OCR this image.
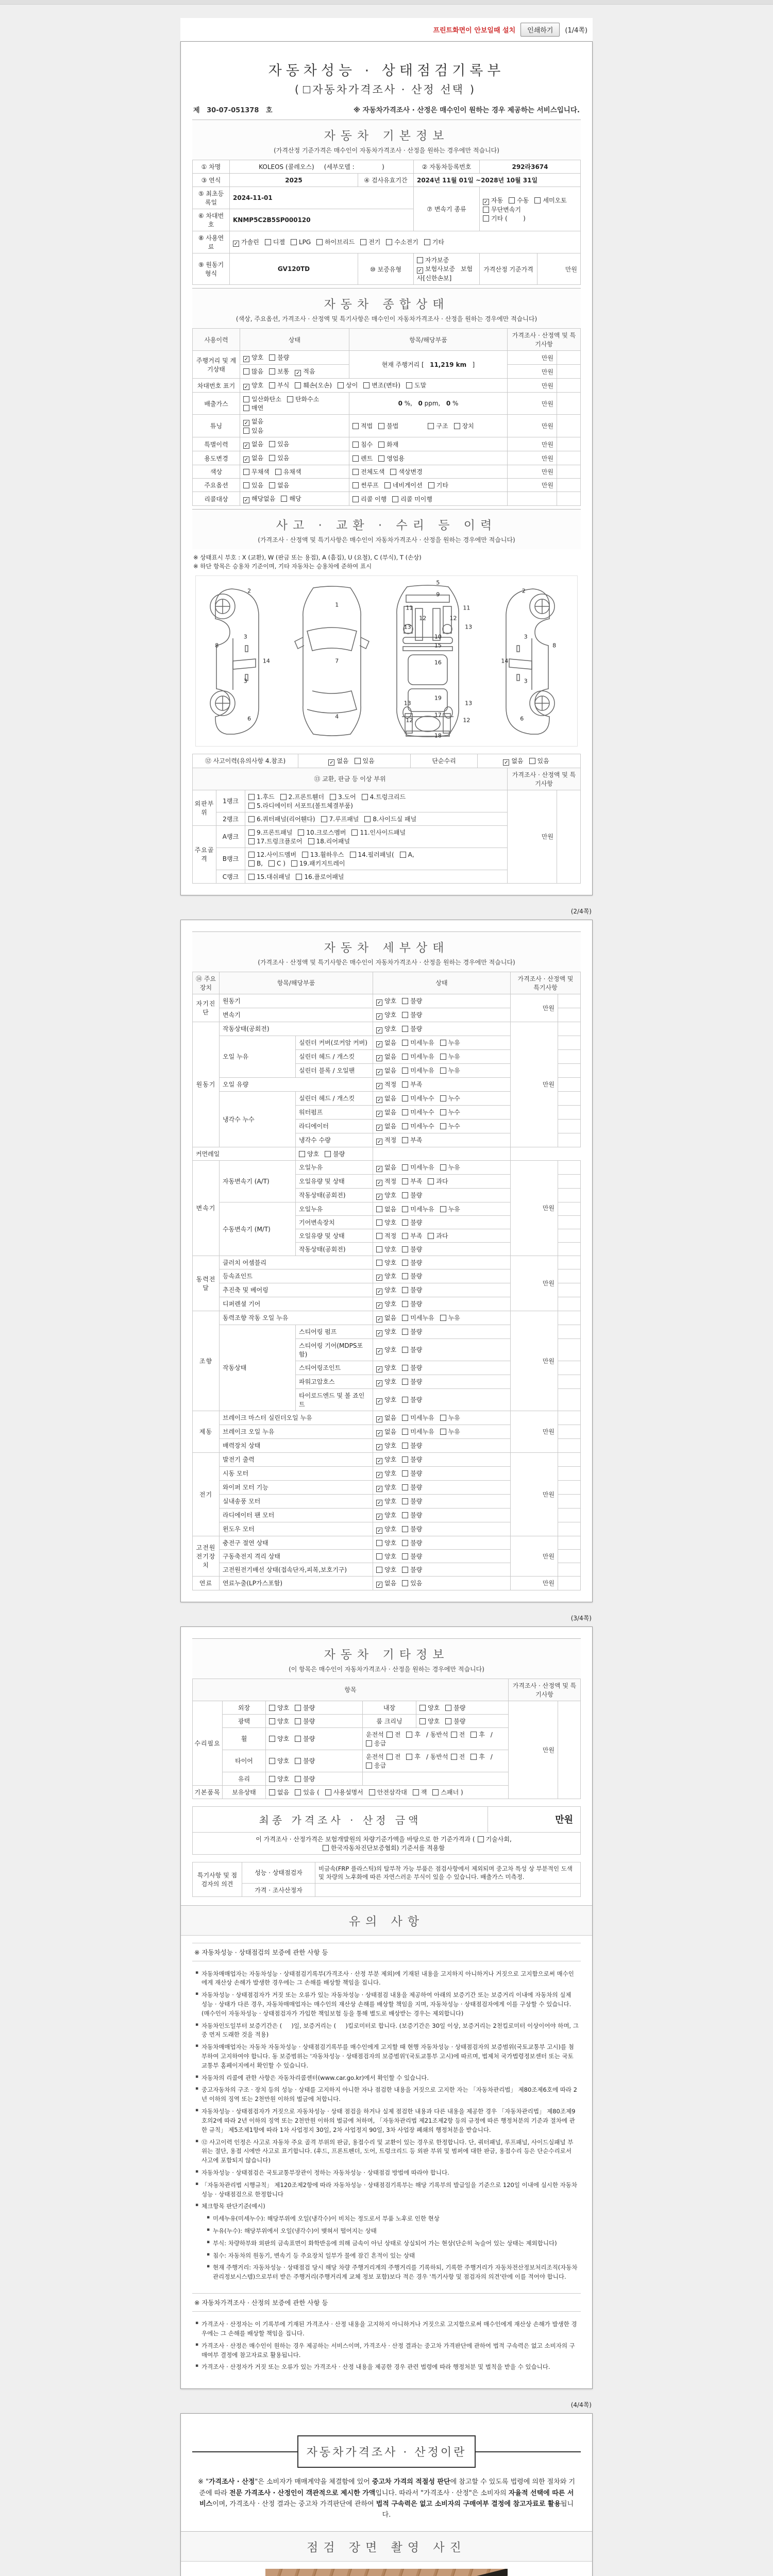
프린트화면이 안보일때 설치	인쇄하기	(1/4쪽)
자동차성능 · 상태점검기록부
( 자동차가격조사 · 산정 선택 )
제   30-07-051378   호	※ 자동차가격조사 · 산정은 매수인이 원하는 경우 제공하는 서비스입니다.
자동차 기본정보
(가격산정 기준가격은 매수인이 자동차가격조사 · 산정을 원하는 경우에만 적습니다)
① 차명	KOLEOS (콜레오스)     (세부모델 :              )		② 자동차등록번호	292라3674	
③ 연식	2025	④ 검사유효기간	2024년 11월 01일 ~2028년 10월 31일		
⑤ 최초등록일	2024-11-01		⑦ 변속기 종류	✓ 자동 수동 세미오토무단변속기
기타 (        )	
⑥ 차대번호	KNMP5C2B5SP000120				
⑧ 사용연료	✓ 가솔린 디젤 LPG 하이브리드 전기 수소전기 기타				
⑨ 원동기형식	GV120TD	⑩ 보증유형	자가보증✓ 보험사보증 보험사[신한손보]	가격산정 기준가격	만원
자동차 종합상태
(색상, 주요옵션, 가격조사 · 산정액 및 특기사항은 매수인이 자동차가격조사 · 산정을 원하는 경우에만 적습니다)
사용이력	상태	항목/해당부품	가격조사 · 산정액 및 특기사항	
주행거리 및 계기상태	✓ 양호 불량	현재 주행거리 [   11,219 km   ]	만원	
	많음 보통 ✓ 적음		만원	
차대번호 표기	✓ 양호 부식 훼손(오손) 상이 변조(변타) 도말		만원	
배출가스	일산화탄소 탄화수소
매연	0 %,   0 ppm,   0 %	만원	
튜닝	✓ 없음
있음	적법 불법 구조 장치	만원	
특별이력	✓ 없음 있음	침수 화재	만원	
용도변경	✓ 없음 있음	렌트 영업용	만원	
색상	무채색 유채색	전체도색 색상변경	만원	
주요옵션	있음 없음	썬루프 네비게이션 기타	만원	
리콜대상	✓ 해당없음 해당	리콜 이행 리콜 미이행		
사고 · 교환 · 수리 등 이력
(가격조사 · 산정액 및 특기사항은 매수인이 자동차가격조사 · 산정을 원하는 경우에만 적습니다)
※ 상태표시 부호 : X (교환), W (판금 또는 용접), A (흠집), U (요철), C (부식), T (손상)
※ 하단 항목은 승용차 기준이며, 기타 자동차는 승용차에 준하여 표시
2
3
8
14
3
6
1
7
4
5
9
11	11
12	12
13	13
10
15
16
19
13	13
17
12	12
18
2
3
8
14
3
6
⑫ 사고이력(유의사항 4.참조)	✓ 없음 있음	단순수리	✓ 없음 있음
⑬ 교환, 판금 등 이상 부위			가격조사 · 산정액 및 특기사항	
외판부위	1랭크	1.후드 2.프론트휀더 3.도어 4.트렁크리드
5.라디에이터 서포트(볼트체결부품)	만원	
	2랭크	6.쿼터패널(리어휀다) 7.루프패널 8.사이드실 패널		
주요골격	A랭크	9.프론트패널 10.크로스멤버 11.인사이드패널
17.트렁크플로어 18.리어패널		
	B랭크	12.사이드멤버 13.휠하우스 14.필러패널( A,
B, C ) 19.패키지트레이		
	C랭크	15.대쉬패널 16.플로어패널		
(2/4쪽)
자동차 세부상태
(가격조사 · 산정액 및 특기사항은 매수인이 자동차가격조사 · 산정을 원하는 경우에만 적습니다)
⑭ 주요장치	항목/해당부품		상태	가격조사 · 산정액 및 특기사항	
자기진단	원동기		✓ 양호 불량	만원	
	변속기		✓ 양호 불량		
원동기	작동상태(공회전)		✓ 양호 불량	만원	
	오일 누유	실린더 커버(로커암 커버)	✓ 없음 미세누유 누유		
		실린더 헤드 / 개스킷	✓ 없음 미세누유 누유		
		실린더 블록 / 오일팬	✓ 없음 미세누유 누유		
	오일 유량		✓ 적정 부족		
	냉각수 누수	실린더 헤드 / 개스킷	✓ 없음 미세누수 누수		
		워터펌프	✓ 없음 미세누수 누수		
		라디에이터	✓ 없음 미세누수 누수		
		냉각수 수량	✓ 적정 부족		
커먼레일		양호 불량			
변속기	자동변속기 (A/T)	오일누유	✓ 없음 미세누유 누유	만원	
		오일유량 및 상태	✓ 적정 부족 과다		
		작동상태(공회전)	✓ 양호 불량		
	수동변속기 (M/T)	오일누유	없음 미세누유 누유		
		기어변속장치	양호 불량		
		오일유량 및 상태	적정 부족 과다		
		작동상태(공회전)	양호 불량		
동력전달	클러치 어셈블리		양호 불량	만원	
	등속죠인트		✓ 양호 불량		
	추진축 및 베어링		✓ 양호 불량		
	디퍼렌셜 기어		✓ 양호 불량		
조향	동력조향 작동 오일 누유		✓ 없음 미세누유 누유	만원	
	작동상태	스티어링 펌프	✓ 양호 불량		
		스티어링 기어(MDPS포함)	✓ 양호 불량		
		스티어링조인트	✓ 양호 불량		
		파워고압호스	✓ 양호 불량		
		타이로드엔드 및 볼 죠인트	✓ 양호 불량		
제동	브레이크 마스터 실린더오일 누유		✓ 없음 미세누유 누유	만원	
	브레이크 오일 누유		✓ 없음 미세누유 누유		
	배력장치 상태		✓ 양호 불량		
전기	발전기 출력		✓ 양호 불량	만원	
	시동 모터		✓ 양호 불량		
	와이퍼 모터 기능		✓ 양호 불량		
	실내송풍 모터		✓ 양호 불량		
	라디에이터 팬 모터		✓ 양호 불량		
	윈도우 모터		✓ 양호 불량		
고전원전기장치	충전구 절연 상태		양호 불량	만원	
	구동축전지 격리 상태		양호 불량		
	고전원전기배선 상태(접속단자,피복,보호기구)		양호 불량		
연료	연료누출(LP가스포함)		✓ 없음 있음	만원	
(3/4쪽)
자동차 기타정보
(이 항목은 매수인이 자동차가격조사 · 산정을 원하는 경우에만 적습니다)
항목					가격조사 · 산정액 및 특기사항	
수리필요	외장	양호 불량	내장	양호 불량	만원	
	광택	양호 불량	룸 크리닝	양호 불량		
	휠	양호 불량	운전석 전 후 / 동반석 전 후 /응급			
	타이어	양호 불량	운전석 전 후 / 동반석 전 후 /응급			
	유리	양호 불량				
기본품목	보유상태	없음 있음 ( 사용설명서 안전삼각대 잭 스패너 )				
최종 가격조사 · 산정 금액	만원
이 가격조사 · 산정가격은 보험개발원의 차량기준가액을 바탕으로 한 기준가격과 ( 기술사회,한국자동차진단보증협회) 기준서를 적용함
특기사항 및 점검자의 의견	성능 · 상태점검자	비금속(FRP 플라스틱)의 탈부착 가능 부품은 점검사항에서 제외되며 중고차 특성 상 부분적인 도색 및 차량의 노후화에 따른 자연스러운 부식이 있을 수 있습니다. 배출가스 미측정.
	가격 · 조사산정자	
유의 사항
※ 자동차성능 · 상태점검의 보증에 관한 사항 등
▪ 자동차매매업자는 자동차성능 · 상태점검기록부(가격조사 · 산정 부분 제외)에 기재된 내용을 고지하지 아니하거나 거짓으로 고지함으로써 매수인에게 재산상 손해가 발생한 경우에는 그 손해를 배상할 책임을 집니다.
▪ 자동차성능 · 상태점검자가 거짓 또는 오류가 있는 자동차성능 · 상태점검 내용을 제공하여 아래의 보증기간 또는 보증거리 이내에 자동차의 실제 성능 · 상태가 다른 경우, 자동차매매업자는 매수인의 재산상 손해를 배상할 책임을 지며, 자동차성능 · 상태점검자에게 이를 구상할 수 있습니다.(매수인이 자동차성능 · 상태점검자가 가입한 책임보험 등을 통해 별도로 배상받는 경우는 제외합니다)
▪ 자동차인도일부터 보증기간은 (     )일, 보증거리는 (     )킬로미터로 합니다. (보증기간은 30일 이상, 보증거리는 2천킬로미터 이상이어야 하며, 그 중 먼저 도래한 것을 적용)
▪ 자동차매매업자는 자동차 자동차성능 · 상태점검기록부를 매수인에게 고지할 때 현행 자동차성능 · 상태점검자의 보증범위(국토교통부 고시)를 첨부하여 고지하여야 합니다. 동 보증범위는 '자동차성능 · 상태점검자의 보증범위'(국토교통부 고시)에 따르며, 법제처 국가법령정보센터 또는 국토교통부 홈페이지에서 확인할 수 있습니다.
▪ 자동차의 리콜에 관한 사항은 자동차리콜센터(www.car.go.kr)에서 확인할 수 있습니다.
▪ 중고자동차의 구조 · 장치 등의 성능 · 상태를 고지하지 아니한 자나 점검한 내용을 거짓으로 고지한 자는 「자동차관리법」 제80조제6호에 따라 2년 이하의 징역 또는 2천만원 이하의 벌금에 처합니다.
▪ 자동차성능 · 상태점검자가 거짓으로 자동차성능 · 상태 점검을 하거나 실제 점검한 내용과 다른 내용을 제공한 경우 「자동차관리법」 제80조제9호의2에 따라 2년 이하의 징역 또는 2천만원 이하의 벌금에 처하며, 「자동차관리법 제21조제2항 등의 규정에 따른 행정처분의 기준과 절차에 관한 규칙」 제5조제1항에 따라 1차 사업정지 30일, 2차 사업정지 90일, 3차 사업장 폐쇄의 행정처분을 받습니다.
▪ ⑫ 사고이력 인정은 사고로 자동차 주요 골격 부위의 판금, 용접수리 및 교환이 있는 경우로 한정합니다. 단, 쿼터패널, 루프패널, 사이드실패널 부위는 절단, 용접 시에만 사고로 표기합니다. (후드, 프론트펜더, 도어, 트렁크리드 등 외판 부위 및 범퍼에 대한 판금, 용접수리 등은 단순수리로서 사고에 포함되지 않습니다)
▪ 자동차성능 · 상태점검은 국토교통부장관이 정하는 자동차성능 · 상태점검 방법에 따라야 합니다.
▪ 「자동차관리법 시행규칙」 제120조제2항에 따라 자동차성능 · 상태점검기록부는 해당 기록부의 발급일을 기준으로 120일 이내에 실시한 자동차 성능 · 상태점검으로 한정합니다
▪ 체크항목 판단기준(예시)
▪ 미세누유(미세누수): 해당부위에 오일(냉각수)이 비치는 정도로서 부품 노후로 인한 현상
▪ 누유(누수): 해당부위에서 오일(냉각수)이 맺혀서 떨어지는 상태
▪ 부식: 차량하부와 외판의 금속표면이 화학반응에 의해 금속이 아닌 상태로 상실되어 가는 현상(단순히 녹슬어 있는 상태는 제외합니다)
▪ 침수: 자동차의 원동기, 변속기 등 주요장치 일부가 물에 잠긴 흔적이 있는 상태
▪ 현재 주행거리: 자동차성능 · 상태점검 당시 해당 차량 주행거리계의 주행거리를 기록하되, 기록한 주행거리가 자동차전산정보처리조직(자동차관리정보시스템)으로부터 받은 주행거리(주행거리계 교체 정보 포함)보다 적은 경우 '특기사항 및 점검자의 의견'란에 이를 적어야 합니다.
※ 자동차가격조사 · 산정의 보증에 관한 사항 등
▪ 가격조사 · 산정자는 이 기록부에 기재된 가격조사 · 산정 내용을 고지하지 아니하거나 거짓으로 고지함으로써 매수인에게 재산상 손해가 발생한 경우에는 그 손해를 배상할 책임을 집니다.
▪ 가격조사 · 산정은 매수인이 원하는 경우 제공하는 서비스이며, 가격조사 · 산정 결과는 중고차 가격판단에 관하여 법적 구속력은 없고 소비자의 구매여부 결정에 참고자료로 활용됩니다.
▪ 가격조사 · 산정자가 거짓 또는 오류가 있는 가격조사 · 산정 내용을 제공한 경우 관련 법령에 따라 행정처분 및 벌칙을 받을 수 있습니다.
(4/4쪽)
자동차가격조사 · 산정이란

※ "가격조사 · 산정"은 소비자가 매매계약을 체결함에 있어 중고차 가격의 적절성 판단에 참고할 수 있도록 법령에 의한 절차와 기준에 따라 전문 가격조사 · 산정인이 객관적으로 제시한 가액입니다. 따라서 "가격조사 · 산정"은 소비자의 자율적 선택에 따른 서비스이며, 가격조사 · 산정 결과는 중고차 가격판단에 관하여 법적 구속력은 없고 소비자의 구매여부 결정에 참고자료로 활용됩니다.

점검 장면 촬영 사진
